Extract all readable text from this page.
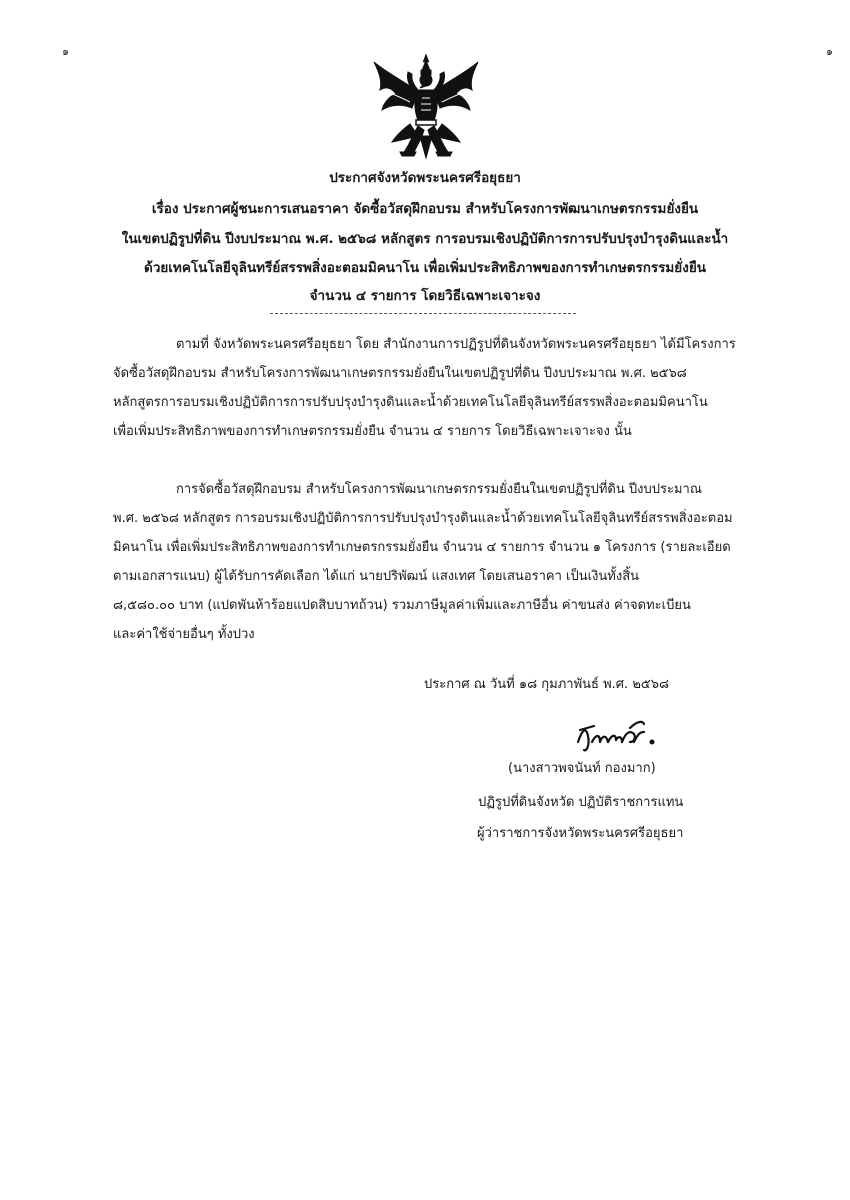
๑	๑
ประกาศจังหวัดพระนครศรีอยุธยา
เรื่อง ประกาศผู้ชนะการเสนอราคา จัดซื้อวัสดุฝึกอบรม สำหรับโครงการพัฒนาเกษตรกรรมยั่งยืน
ในเขตปฏิรูปที่ดิน ปีงบประมาณ พ.ศ. ๒๕๖๘ หลักสูตร การอบรมเชิงปฏิบัติการการปรับปรุงบำรุงดินและน้ำ
ด้วยเทคโนโลยีจุลินทรีย์สรรพสิ่งอะตอมมิคนาโน เพื่อเพิ่มประสิทธิภาพของการทำเกษตรกรรมยั่งยืน
จำนวน ๔ รายการ โดยวิธีเฉพาะเจาะจง
ตามที่ จังหวัดพระนครศรีอยุธยา โดย สำนักงานการปฏิรูปที่ดินจังหวัดพระนครศรีอยุธยา ได้มีโครงการ
จัดซื้อวัสดุฝึกอบรม สำหรับโครงการพัฒนาเกษตรกรรมยั่งยืนในเขตปฏิรูปที่ดิน ปีงบประมาณ พ.ศ. ๒๕๖๘
หลักสูตรการอบรมเชิงปฏิบัติการการปรับปรุงบำรุงดินและน้ำด้วยเทคโนโลยีจุลินทรีย์สรรพสิ่งอะตอมมิคนาโน
เพื่อเพิ่มประสิทธิภาพของการทำเกษตรกรรมยั่งยืน จำนวน ๔ รายการ โดยวิธีเฉพาะเจาะจง นั้น
การจัดซื้อวัสดุฝึกอบรม สำหรับโครงการพัฒนาเกษตรกรรมยั่งยืนในเขตปฏิรูปที่ดิน ปีงบประมาณ
พ.ศ. ๒๕๖๘ หลักสูตร การอบรมเชิงปฏิบัติการการปรับปรุงบำรุงดินและน้ำด้วยเทคโนโลยีจุลินทรีย์สรรพสิ่งอะตอม
มิคนาโน เพื่อเพิ่มประสิทธิภาพของการทำเกษตรกรรมยั่งยืน จำนวน ๔ รายการ จำนวน ๑ โครงการ (รายละเอียด
ตามเอกสารแนบ) ผู้ได้รับการคัดเลือก ได้แก่ นายปริพัฒน์ แสงเทศ โดยเสนอราคา เป็นเงินทั้งสิ้น
๘,๕๘๐.๐๐ บาท (แปดพันห้าร้อยแปดสิบบาทถ้วน) รวมภาษีมูลค่าเพิ่มและภาษีอื่น ค่าขนส่ง ค่าจดทะเบียน
และค่าใช้จ่ายอื่นๆ ทั้งปวง
ประกาศ ณ วันที่ ๑๘ กุมภาพันธ์ พ.ศ. ๒๕๖๘
(นางสาวพจนันท์ กองมาก)
ปฏิรูปที่ดินจังหวัด ปฏิบัติราชการแทน
ผู้ว่าราชการจังหวัดพระนครศรีอยุธยา
